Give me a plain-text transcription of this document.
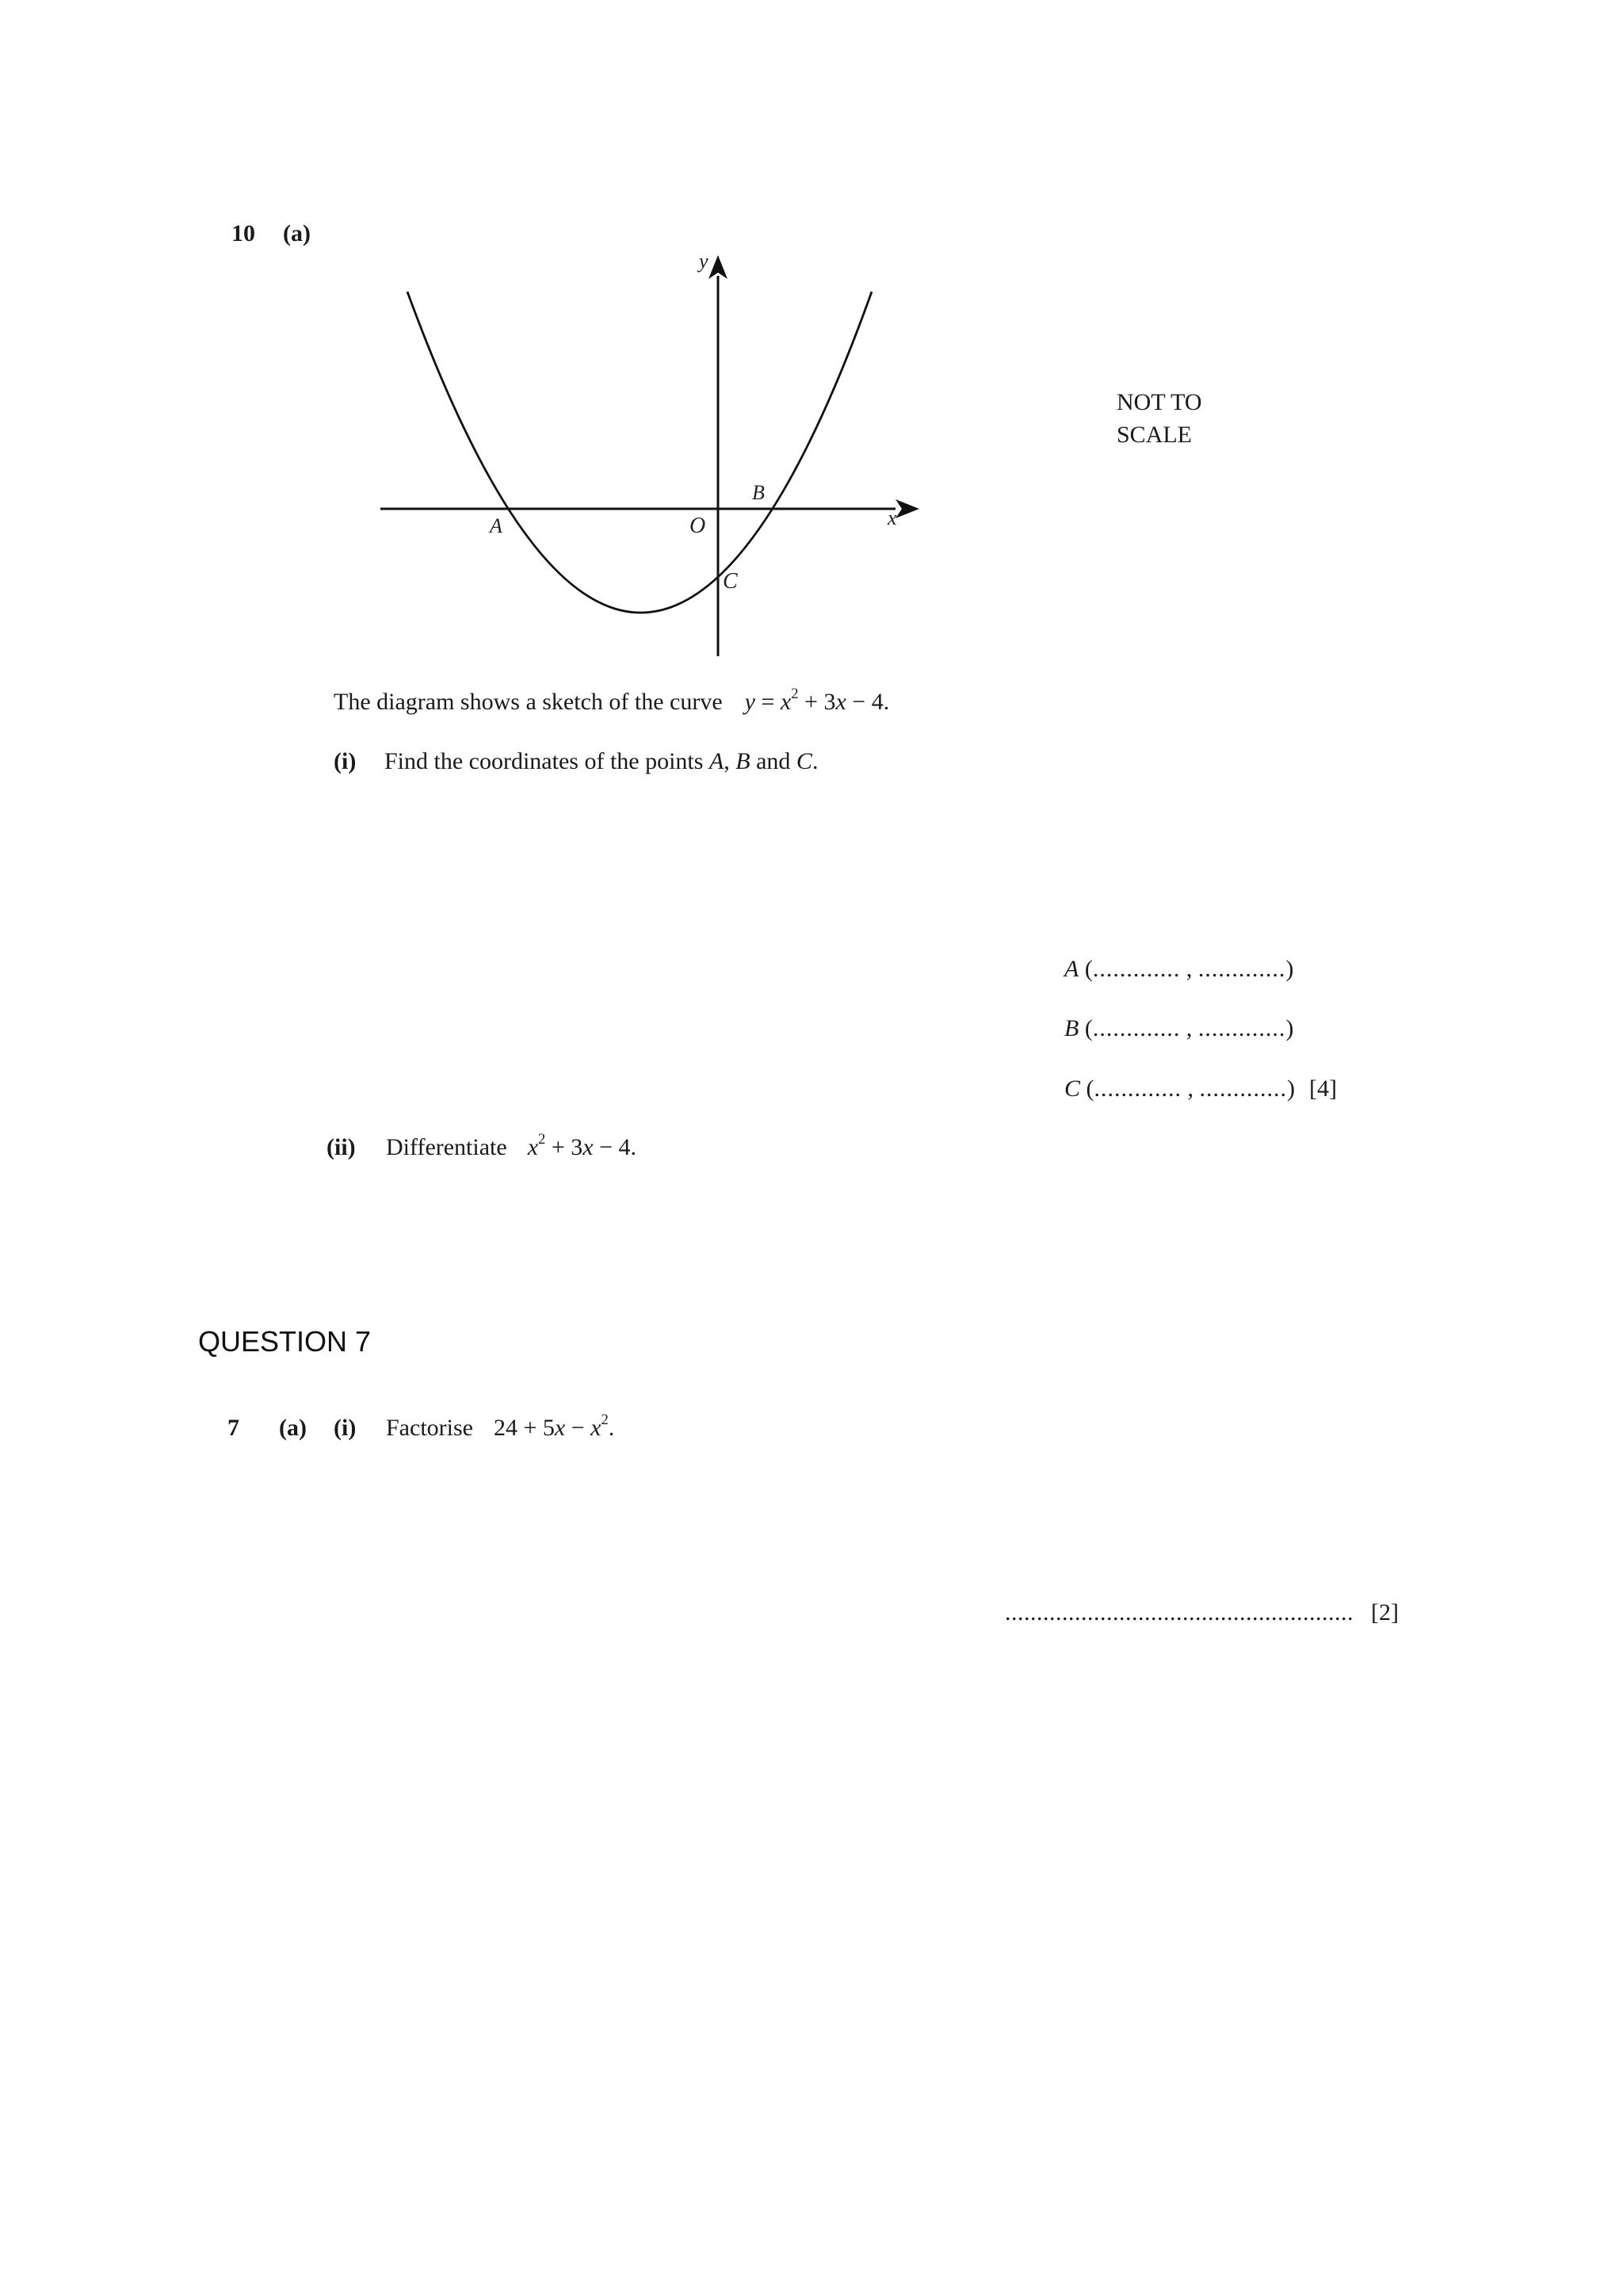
10 (a)
y
x
O
A
B
C
NOT TO
SCALE
The diagram shows a sketch of the curve $y = x^2 + 3x - 4$.
(i) Find the coordinates of the points A, B and C.
A (............. , .............)
B (............. , .............)
C (............. , .............) [4]
(ii) Differentiate $x^2 + 3x - 4$.
QUESTION 7
7 (a) (i) Factorise $24 + 5x - x^2$.
....................................................... [2]
